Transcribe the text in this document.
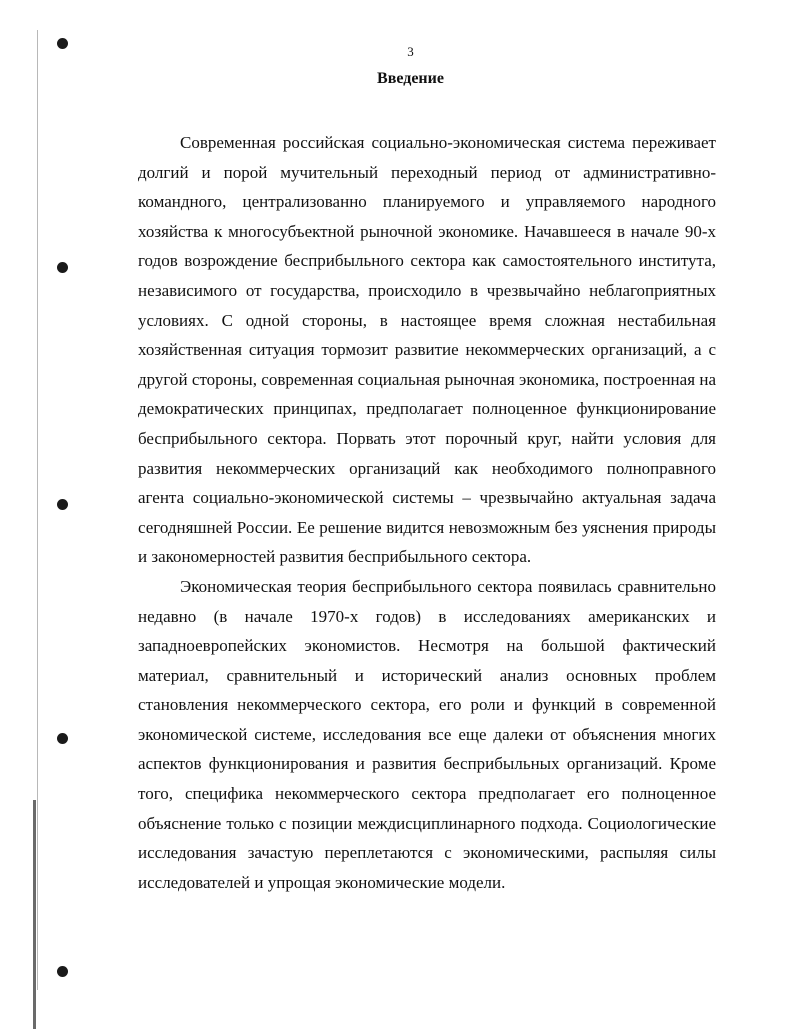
3
Введение

Современная российская социально-экономическая система переживает долгий и порой мучительный переходный период от административно-командного, централизованно планируемого и управляемого народного хозяйства к многосубъектной рыночной экономике. Начавшееся в начале 90-х годов возрождение бесприбыльного сектора как самостоятельного института, независимого от государства, происходило в чрезвычайно неблагоприятных условиях. С одной стороны, в настоящее время сложная нестабильная хозяйственная ситуация тормозит развитие некоммерческих организаций, а с другой стороны, современная социальная рыночная экономика, построенная на демократических принципах, предполагает полноценное функционирование бесприбыльного сектора. Порвать этот порочный круг, найти условия для развития некоммерческих организаций как необходимого полноправного агента социально-экономической системы – чрезвычайно актуальная задача сегодняшней России. Ее решение видится невозможным без уяснения природы и закономерностей развития бесприбыльного сектора.

Экономическая теория бесприбыльного сектора появилась сравнительно недавно (в начале 1970-х годов) в исследованиях американских и западноевропейских экономистов. Несмотря на большой фактический материал, сравнительный и исторический анализ основных проблем становления некоммерческого сектора, его роли и функций в современной экономической системе, исследования все еще далеки от объяснения многих аспектов функционирования и развития бесприбыльных организаций. Кроме того, специфика некоммерческого сектора предполагает его полноценное объяснение только с позиции междисциплинарного подхода. Социологические исследования зачастую переплетаются с экономическими, распыляя силы исследователей и упрощая экономические модели.
